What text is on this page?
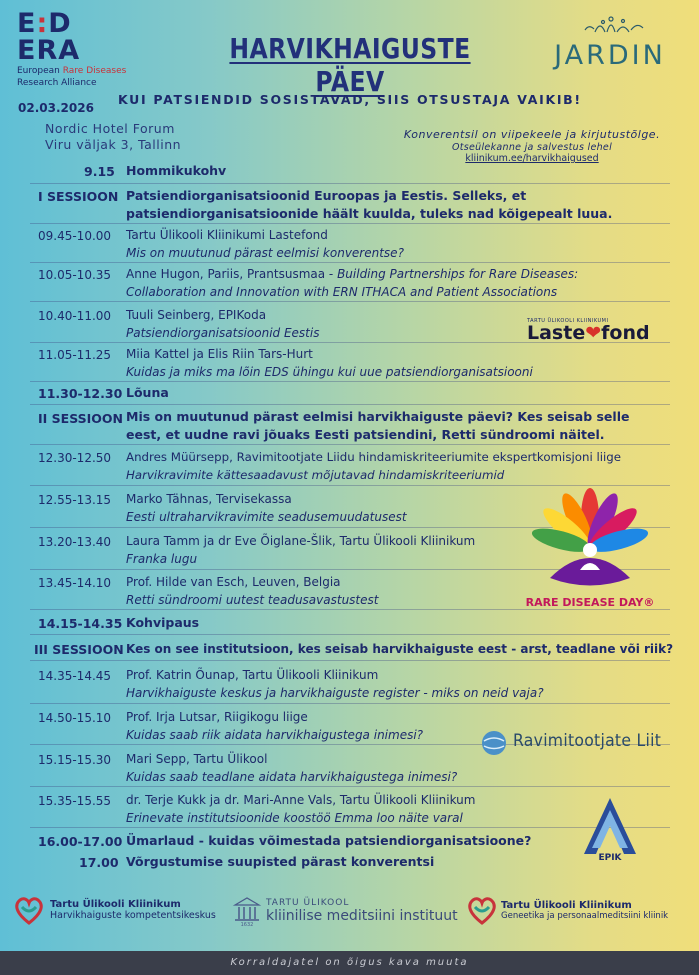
E:D
ERA
European Rare Diseases
Research Alliance
HARVIKHAIGUSTE PÄEV
JARDIN
KUI PATSIENDID SOSISTAVAD, SIIS OTSUSTAJA VAIKIB!
02.03.2026
Nordic Hotel Forum
Viru väljak 3, Tallinn
Konverentsil on viipekeele ja kirjutustõlge.
Otseülekanne ja salvestus lehel
kliinikum.ee/harvikhaigused
9.15 Hommikukohv
I SESSIOON Patsiendiorganisatsioonid Euroopas ja Eestis. Selleks, et
patsiendiorganisatsioonide häält kuulda, tuleks nad kõigepealt luua.
09.45-10.00 Tartu Ülikooli Kliinikumi Lastefond
Mis on muutunud pärast eelmisi konverentse?
10.05-10.35 Anne Hugon, Pariis, Prantsusmaa - Building Partnerships for Rare Diseases:
Collaboration and Innovation with ERN ITHACA and Patient Associations
10.40-11.00 Tuuli Seinberg, EPIKoda
Patsiendiorganisatsioonid Eestis
11.05-11.25 Miia Kattel ja Elis Riin Tars-Hurt
Kuidas ja miks ma lõin EDS ühingu kui uue patsiendiorganisatsiooni
11.30-12.30 Lõuna
II SESSIOON Mis on muutunud pärast eelmisi harvikhaiguste päevi? Kes seisab selle
eest, et uudne ravi jõuaks Eesti patsiendini, Retti sündroomi näitel.
12.30-12.50 Andres Müürsepp, Ravimitootjate Liidu hindamiskriteeriumite ekspertkomisjoni liige
Harvikravimite kättesaadavust mõjutavad hindamiskriteeriumid
12.55-13.15 Marko Tähnas, Tervisekassa
Eesti ultraharvikravimite seadusemuudatusest
13.20-13.40 Laura Tamm ja dr Eve Õiglane-Šlik, Tartu Ülikooli Kliinikum
Franka lugu
13.45-14.10 Prof. Hilde van Esch, Leuven, Belgia
Retti sündroomi uutest teadusavastustest
14.15-14.35 Kohvipaus
III SESSIOON Kes on see institutsioon, kes seisab harvikhaiguste eest - arst, teadlane või riik?
14.35-14.45 Prof. Katrin Õunap, Tartu Ülikooli Kliinikum
Harvikhaiguste keskus ja harvikhaiguste register - miks on neid vaja?
14.50-15.10 Prof. Irja Lutsar, Riigikogu liige
Kuidas saab riik aidata harvikhaigustega inimesi?
15.15-15.30 Mari Sepp, Tartu Ülikool
Kuidas saab teadlane aidata harvikhaigustega inimesi?
15.35-15.55 dr. Terje Kukk ja dr. Mari-Anne Vals, Tartu Ülikooli Kliinikum
Erinevate institutsioonide koostöö Emma loo näite varal
16.00-17.00 Ümarlaud - kuidas võimestada patsiendiorganisatsioone?
17.00 Võrgustumise suupisted pärast konverentsi
TARTU ÜLIKOOLI KLIINIKUMI
Laste❤fond
RARE DISEASE DAY®
Ravimitootjate Liit
EPIK
Tartu Ülikooli Kliinikum
Harvikhaiguste kompetentsikeskus
1632
TARTU ÜLIKOOL
kliinilise meditsiini instituut
Tartu Ülikooli Kliinikum
Geneetika ja personaalmeditsiini kliinik
Korraldajatel on õigus kava muuta
